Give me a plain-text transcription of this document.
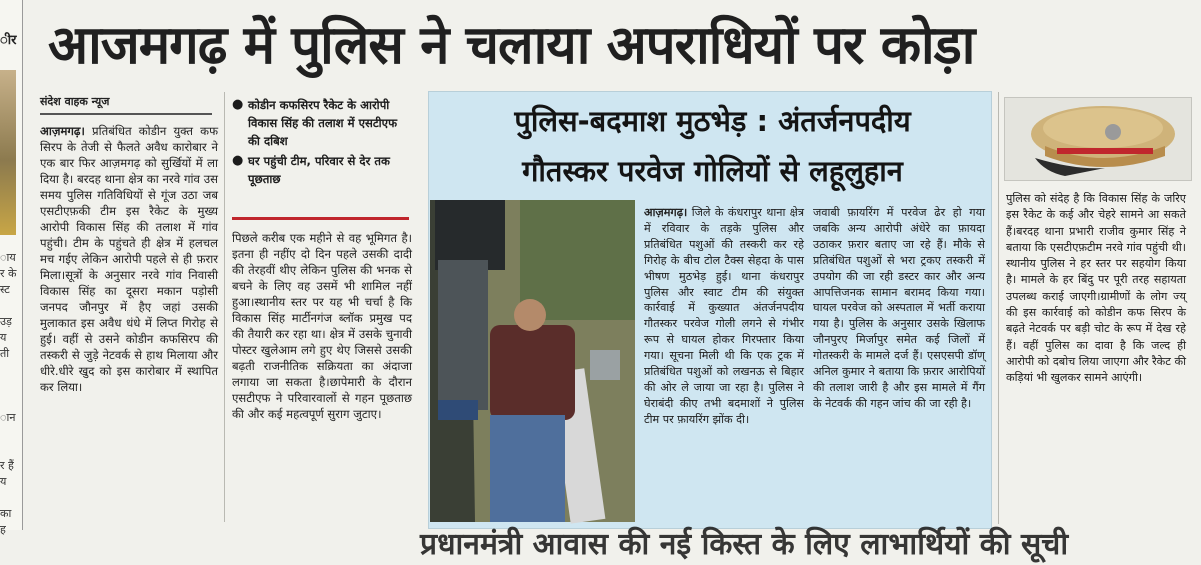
ीर
ाय
र के
स्ट

उड़
य
ती

ान

र हैं
य

का
ह
आजमगढ़ में पुलिस ने चलाया अपराधियों पर कोड़ा
संदेश वाहक न्यूज
आज़मगढ़। प्रतिबंधित कोडीन युक्त कफ सिरप के तेजी से फैलते अवैध कारोबार ने एक बार फिर आज़मगढ़ को सुर्खियों में ला दिया है। बरदह थाना क्षेत्र का नरवे गांव उस समय पुलिस गतिविधियों से गूंज उठा जब एसटीएफ़की टीम इस रैकेट के मुख्य आरोपी विकास सिंह की तलाश में गांव पहुंची। टीम के पहुंचते ही क्षेत्र में हलचल मच गईए लेकिन आरोपी पहले से ही फ़रार मिला।सूत्रों के अनुसार नरवे गांव निवासी विकास सिंह का दूसरा मकान पड़ोसी जनपद जौनपुर में हैए जहां उसकी मुलाकात इस अवैध धंधे में लिप्त गिरोह से हुई। वहीं से उसने कोडीन कफसिरप की तस्करी से जुड़े नेटवर्क से हाथ मिलाया और धीरे.धीरे खुद को इस कारोबार में स्थापित कर लिया।
● कोडीन कफसिरप रैकेट के आरोपी विकास सिंह की तलाश में एसटीएफ की दबिश
● घर पहुंची टीम, परिवार से देर तक पूछताछ
पिछले करीब एक महीने से वह भूमिगत है। इतना ही नहींए दो दिन पहले उसकी दादी की तेरहवीं थीए लेकिन पुलिस की भनक से बचने के लिए वह उसमें भी शामिल नहीं हुआ।स्थानीय स्तर पर यह भी चर्चा है कि विकास सिंह मार्टीनगंज ब्लॉक प्रमुख पद की तैयारी कर रहा था। क्षेत्र में उसके चुनावी पोस्टर खुलेआम लगे हुए थेए जिससे उसकी बढ़ती राजनीतिक सक्रियता का अंदाजा लगाया जा सकता है।छापेमारी के दौरान एसटीएफ ने परिवारवालों से गहन पूछताछ की और कई महत्वपूर्ण सुराग जुटाए।
पुलिस-बदमाश मुठभेड़ : अंतर्जनपदीय
गौतस्कर परवेज गोलियों से लहूलुहान
आज़मगढ़। जिले के कंधरापुर थाना क्षेत्र में रविवार के तड़के पुलिस और प्रतिबंधित पशुओं की तस्करी कर रहे गिरोह के बीच टोल टैक्स सेहदा के पास भीषण मुठभेड़ हुई। थाना कंधरापुर पुलिस और स्वाट टीम की संयुक्त कार्रवाई में कुख्यात अंतर्जनपदीय गौतस्कर परवेज गोली लगने से गंभीर रूप से घायल होकर गिरफ्तार किया गया। सूचना मिली थी कि एक ट्रक में प्रतिबंधित पशुओं को लखनऊ से बिहार की ओर ले जाया जा रहा है। पुलिस ने घेराबंदी कीए तभी बदमाशों ने पुलिस टीम पर फ़ायरिंग झोंक दी।
जवाबी फ़ायरिंग में परवेज ढेर हो गया जबकि अन्य आरोपी अंधेरे का फ़ायदा उठाकर फ़रार बताए जा रहे हैं। मौके से प्रतिबंधित पशुओं से भरा ट्रकए तस्करी में उपयोग की जा रही डस्टर कार और अन्य आपत्तिजनक सामान बरामद किया गया। घायल परवेज को अस्पताल में भर्ती कराया गया है। पुलिस के अनुसार उसके खिलाफ जौनपुरए मिर्जापुर समेत कई जिलों में गोतस्करी के मामले दर्ज हैं। एसएसपी डॉण् अनिल कुमार ने बताया कि फ़रार आरोपियों की तलाश जारी है और इस मामले में गैंग के नेटवर्क की गहन जांच की जा रही है।
पुलिस को संदेह है कि विकास सिंह के जरिए इस रैकेट के कई और चेहरे सामने आ सकते हैं।बरदह थाना प्रभारी राजीव कुमार सिंह ने बताया कि एसटीएफ़टीम नरवे गांव पहुंची थी। स्थानीय पुलिस ने हर स्तर पर सहयोग किया है। मामले के हर बिंदु पर पूरी तरह सहायता उपलब्ध कराई जाएगी।ग्रामीणों के लोग ज्य् की इस कार्रवाई को कोडीन कफ सिरप के बढ़ते नेटवर्क पर बड़ी चोट के रूप में देख रहे हैं। वहीं पुलिस का दावा है कि जल्द ही आरोपी को दबोच लिया जाएगा और रैकेट की कड़ियां भी खुलकर सामने आएंगी।
प्रधानमंत्री आवास की नई किस्त के लिए लाभार्थियों की सूची
